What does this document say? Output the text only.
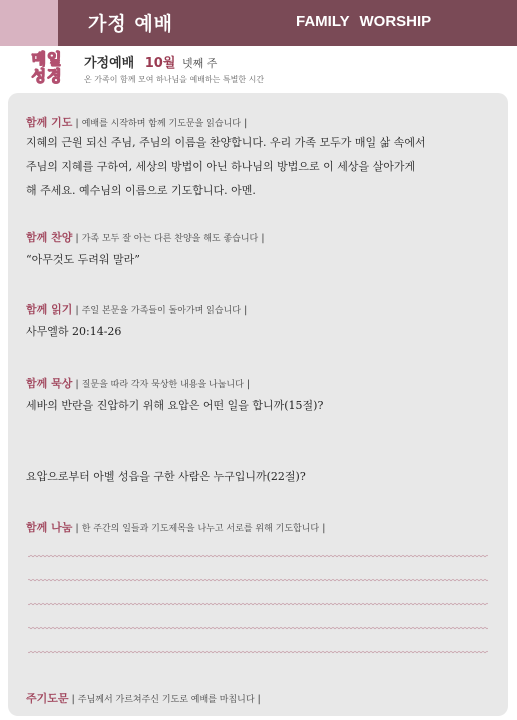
가정 예배	FAMILY WORSHIP
매일
성경
가정예배 10월 넷째 주
온 가족이 함께 모여 하나님을 예배하는 특별한 시간
함께 기도 | 예배를 시작하며 함께 기도문을 읽습니다 |
지혜의 근원 되신 주님, 주님의 이름을 찬양합니다. 우리 가족 모두가 매일 삶 속에서
주님의 지혜를 구하여, 세상의 방법이 아닌 하나님의 방법으로 이 세상을 살아가게
해 주세요. 예수님의 이름으로 기도합니다. 아멘.
함께 찬양 | 가족 모두 잘 아는 다른 찬양을 해도 좋습니다 |
“아무것도 두려워 말라”
함께 읽기 | 주일 본문을 가족들이 돌아가며 읽습니다 |
사무엘하 20:14-26
함께 묵상 | 질문을 따라 각자 묵상한 내용을 나눕니다 |
세바의 반란을 진압하기 위해 요압은 어떤 일을 합니까(15절)?
요압으로부터 아벨 성읍을 구한 사람은 누구입니까(22절)?
함께 나눔 | 한 주간의 일들과 기도제목을 나누고 서로를 위해 기도합니다 |
주기도문 | 주님께서 가르쳐주신 기도로 예배를 마칩니다 |
